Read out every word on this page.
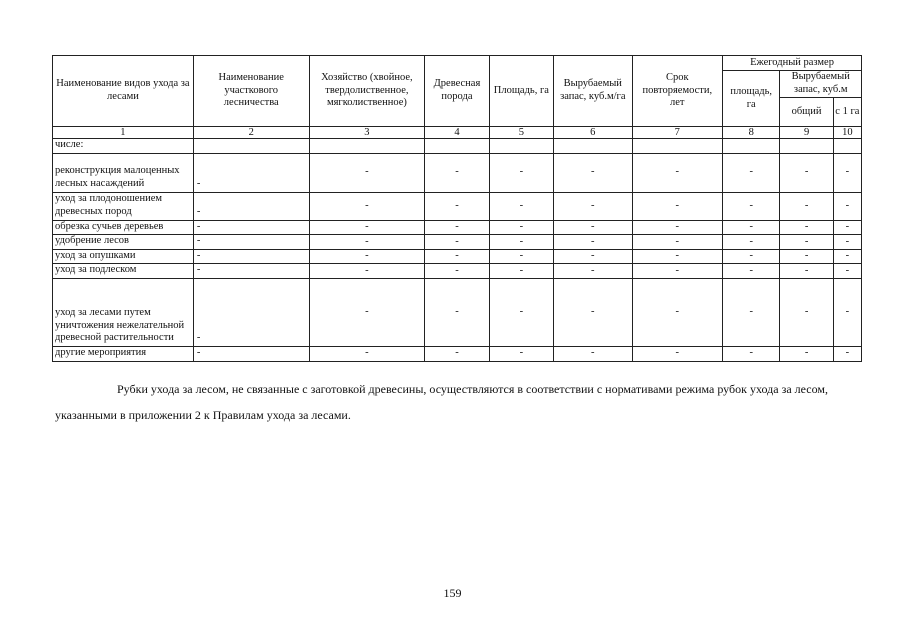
Наименование видов ухода за лесами	Наименование участкового лесничества	Хозяйство (хвойное, твердолиственное, мягколиственное)	Древесная порода	Площадь, га	Вырубаемый запас, куб.м/га	Срок повторяемости, лет	Ежегодный размер		
							площадь, га	Вырубаемый запас, куб.м	
								общий	с 1 га
1	2	3	4	5	6	7	8	9	10
числе:									
реконструкция малоценных лесных насаждений	-	-	-	-	-	-	-	-	-
уход за плодоношением древесных пород	-	-	-	-	-	-	-	-	-
обрезка сучьев деревьев	-	-	-	-	-	-	-	-	-
удобрение лесов	-	-	-	-	-	-	-	-	-
уход за опушками	-	-	-	-	-	-	-	-	-
уход за подлеском	-	-	-	-	-	-	-	-	-
уход за лесами путем уничтожения нежелательной древесной растительности	-	-	-	-	-	-	-	-	-
другие мероприятия	-	-	-	-	-	-	-	-	-

Рубки ухода за лесом, не связанные с заготовкой древесины, осуществляются в соответствии с нормативами режима рубок ухода за лесом, указанными в приложении 2 к Правилам ухода за лесами.

159
